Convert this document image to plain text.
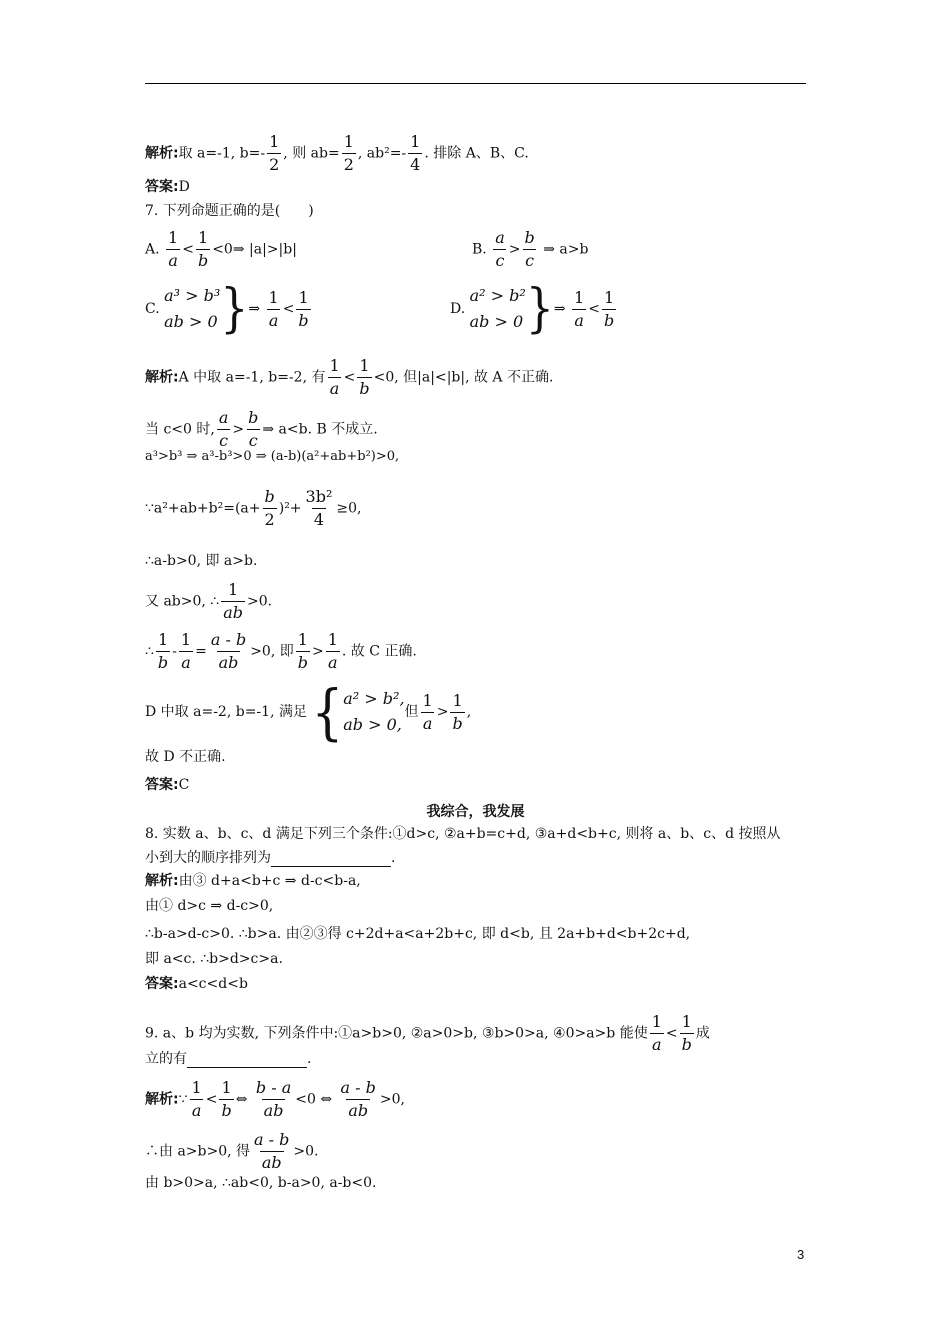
解析:取 a=-1, $b=- \frac{1}{2}$ , 则 $ab= \frac{1}{2}$ , $ab^2=- \frac{1}{4}$ . 排除 A、B、C.
答案:D
7. 下列命题正确的是(　　)
A. $\frac{1}{a} < \frac{1}{b}$ <0⇒ |a|>|b|	B. $\frac{a}{c} > \frac{b}{c}$ ⇒ a>b
C.
a³ > b³
ab > 0 } ⇒ $\frac{1}{a} < \frac{1}{b}$	D.
a² > b²
ab > 0 } ⇒ $\frac{1}{a} < \frac{1}{b}$
解析:A 中取 a=-1, b=-2, 有 $\frac{1}{a} < \frac{1}{b} <0$, 但|a|<|b|, 故 A 不正确.
当 c<0 时, $\frac{a}{c} > \frac{b}{c}$ ⇒ a<b. B 不成立.
a³>b³ ⇒ a³-b³>0 ⇒ (a-b)(a²+ab+b²)>0,
∵a²+ab+b²=(a+ $\frac{b}{2} )^2+ \frac{\text{3b²}}{4} \ge 0$,
∴a-b>0, 即 a>b.
又 ab>0, ∴ $\frac{1}{ab} >0$.
∴ $\frac{1}{b} - \frac{1}{a} = \frac{a - b}{ab} >0$, 即 $\frac{1}{b} > \frac{1}{a}$ . 故 C 正确.
D 中取 a=-2, b=-1, 满足 { a² > b²,
ab > 0,
但 $\frac{1}{a} > \frac{1}{b}$ ,
故 D 不正确.
答案:C
我综合，我发展
8. 实数 a、b、c、d 满足下列三个条件:①d>c, ②a+b=c+d, ③a+d<b+c, 则将 a、b、c、d 按照从
小到大的顺序排列为	.
解析:由③ d+a<b+c ⇒ d-c<b-a,
由① d>c ⇒ d-c>0,
∴b-a>d-c>0. ∴b>a. 由②③得 c+2d+a<a+2b+c, 即 d<b, 且 2a+b+d<b+2c+d,
即 a<c. ∴b>d>c>a.
答案:a<c<d<b
9. a、b 均为实数, 下列条件中:①a>b>0, ②a>0>b, ③b>0>a, ④0>a>b 能使 $\frac{1}{a} < \frac{1}{b}$ 成
立的有	.
解析:∵ $\frac{1}{a} < \frac{1}{b}$ ⇔ $\frac{b - a}{ab} <0$ ⇔ $\frac{a - b}{ab} >0$,
∴由 a>b>0, 得 $\frac{a - b}{ab} >0$.
由 b>0>a, ∴ab<0, b-a>0, a-b<0.
3
